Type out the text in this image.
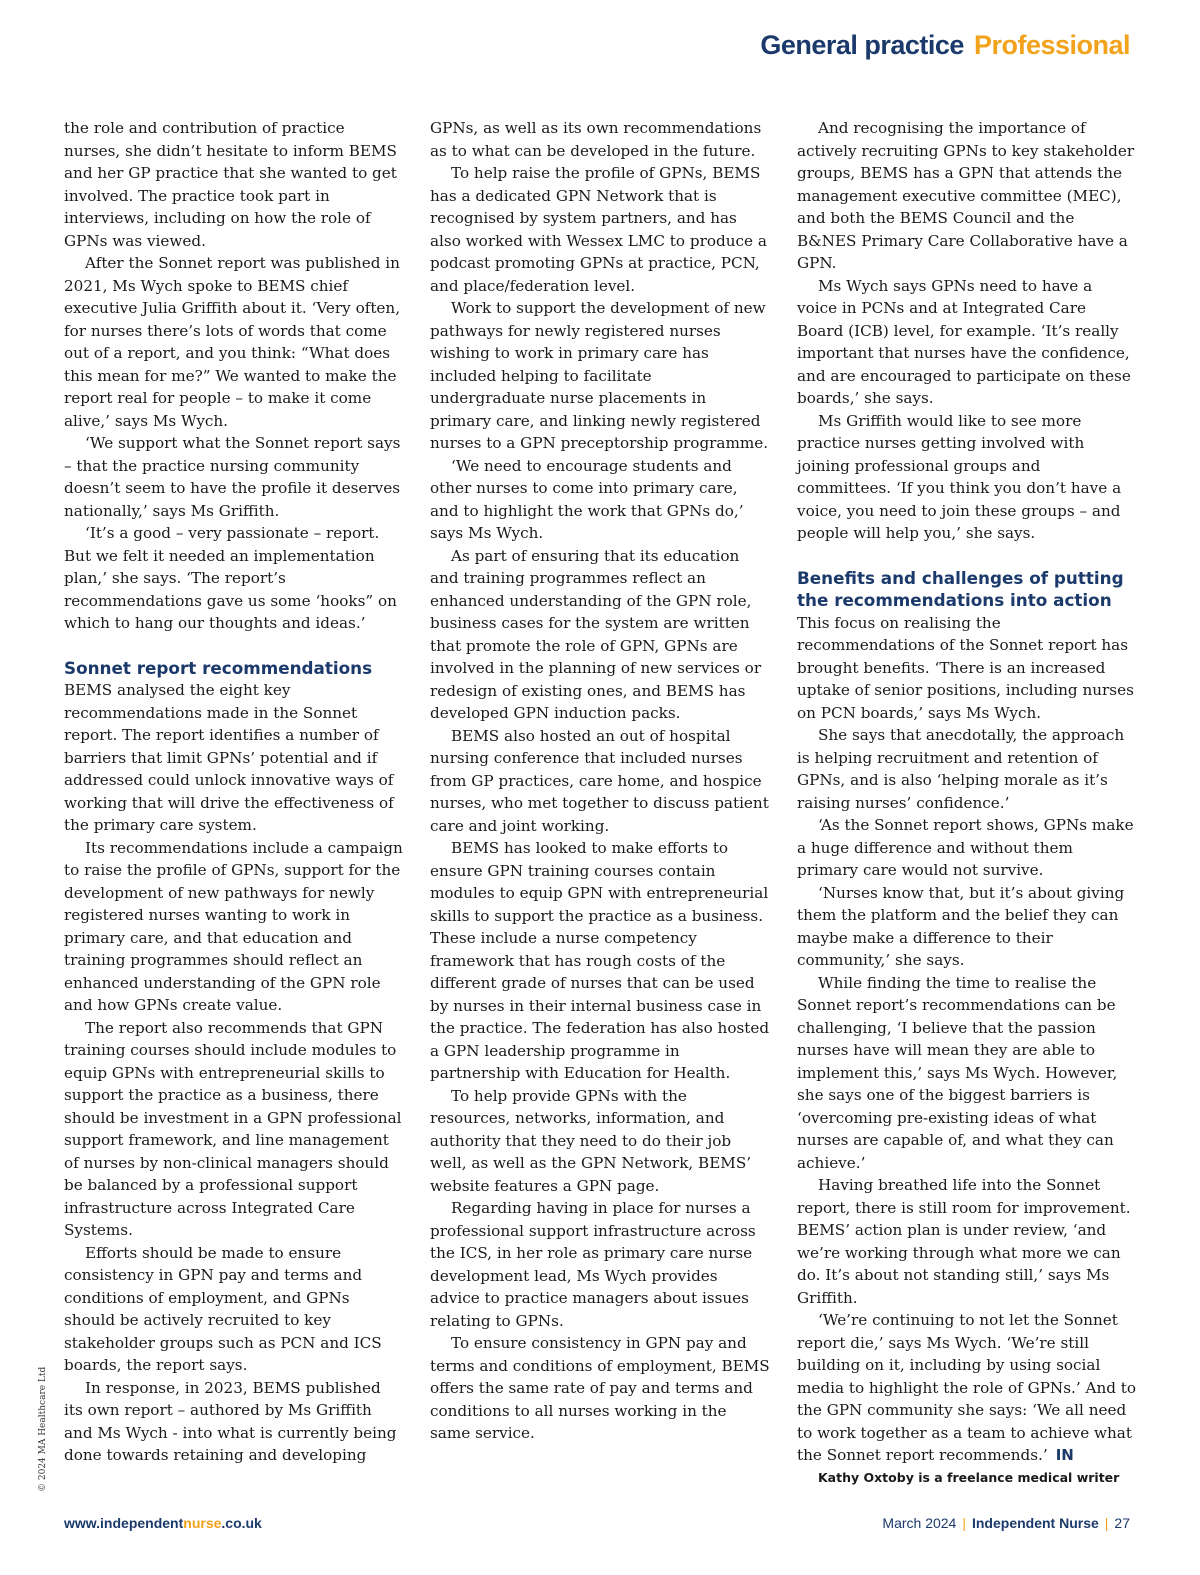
General practice Professional

the role and contribution of practice nurses, she didn’t hesitate to inform BEMS and her GP practice that she wanted to get involved. The practice took part in interviews, including on how the role of GPNs was viewed.

After the Sonnet report was published in 2021, Ms Wych spoke to BEMS chief executive Julia Griffith about it. ‘Very often, for nurses there’s lots of words that come out of a report, and you think: “What does this mean for me?” We wanted to make the report real for people – to make it come alive,’ says Ms Wych.

‘We support what the Sonnet report says – that the practice nursing community doesn’t seem to have the profile it deserves nationally,’ says Ms Griffith.

‘It’s a good – very passionate – report. But we felt it needed an implementation plan,’ she says. ‘The report’s recommendations gave us some ‘hooks” on which to hang our thoughts and ideas.’

Sonnet report recommendations

BEMS analysed the eight key recommendations made in the Sonnet report. The report identifies a number of barriers that limit GPNs’ potential and if addressed could unlock innovative ways of working that will drive the effectiveness of the primary care system.

Its recommendations include a campaign to raise the profile of GPNs, support for the development of new pathways for newly registered nurses wanting to work in primary care, and that education and training programmes should reflect an enhanced understanding of the GPN role and how GPNs create value.

The report also recommends that GPN training courses should include modules to equip GPNs with entrepreneurial skills to support the practice as a business, there should be investment in a GPN professional support framework, and line management of nurses by non-clinical managers should be balanced by a professional support infrastructure across Integrated Care Systems.

Efforts should be made to ensure consistency in GPN pay and terms and conditions of employment, and GPNs should be actively recruited to key stakeholder groups such as PCN and ICS boards, the report says.

In response, in 2023, BEMS published its own report – authored by Ms Griffith and Ms Wych - into what is currently being done towards retaining and developing

GPNs, as well as its own recommendations as to what can be developed in the future.

To help raise the profile of GPNs, BEMS has a dedicated GPN Network that is recognised by system partners, and has also worked with Wessex LMC to produce a podcast promoting GPNs at practice, PCN, and place/federation level.

Work to support the development of new pathways for newly registered nurses wishing to work in primary care has included helping to facilitate undergraduate nurse placements in primary care, and linking newly registered nurses to a GPN preceptorship programme.

‘We need to encourage students and other nurses to come into primary care, and to highlight the work that GPNs do,’ says Ms Wych.

As part of ensuring that its education and training programmes reflect an enhanced understanding of the GPN role, business cases for the system are written that promote the role of GPN, GPNs are involved in the planning of new services or redesign of existing ones, and BEMS has developed GPN induction packs.

BEMS also hosted an out of hospital nursing conference that included nurses from GP practices, care home, and hospice nurses, who met together to discuss patient care and joint working.

BEMS has looked to make efforts to ensure GPN training courses contain modules to equip GPN with entrepreneurial skills to support the practice as a business. These include a nurse competency framework that has rough costs of the different grade of nurses that can be used by nurses in their internal business case in the practice. The federation has also hosted a GPN leadership programme in partnership with Education for Health.

To help provide GPNs with the resources, networks, information, and authority that they need to do their job well, as well as the GPN Network, BEMS’ website features a GPN page.

Regarding having in place for nurses a professional support infrastructure across the ICS, in her role as primary care nurse development lead, Ms Wych provides advice to practice managers about issues relating to GPNs.

To ensure consistency in GPN pay and terms and conditions of employment, BEMS offers the same rate of pay and terms and conditions to all nurses working in the same service.

And recognising the importance of actively recruiting GPNs to key stakeholder groups, BEMS has a GPN that attends the management executive committee (MEC), and both the BEMS Council and the B&NES Primary Care Collaborative have a GPN.

Ms Wych says GPNs need to have a voice in PCNs and at Integrated Care Board (ICB) level, for example. ‘It’s really important that nurses have the confidence, and are encouraged to participate on these boards,’ she says.

Ms Griffith would like to see more practice nurses getting involved with joining professional groups and committees. ‘If you think you don’t have a voice, you need to join these groups – and people will help you,’ she says.

Benefits and challenges of putting the recommendations into action

This focus on realising the recommendations of the Sonnet report has brought benefits. ‘There is an increased uptake of senior positions, including nurses on PCN boards,’ says Ms Wych.

She says that anecdotally, the approach is helping recruitment and retention of GPNs, and is also ‘helping morale as it’s raising nurses’ confidence.’

‘As the Sonnet report shows, GPNs make a huge difference and without them primary care would not survive.

‘Nurses know that, but it’s about giving them the platform and the belief they can maybe make a difference to their community,’ she says.

While finding the time to realise the Sonnet report’s recommendations can be challenging, ‘I believe that the passion nurses have will mean they are able to implement this,’ says Ms Wych. However, she says one of the biggest barriers is ‘overcoming pre-existing ideas of what nurses are capable of, and what they can achieve.’

Having breathed life into the Sonnet report, there is still room for improvement. BEMS’ action plan is under review, ‘and we’re working through what more we can do. It’s about not standing still,’ says Ms Griffith.

‘We’re continuing to not let the Sonnet report die,’ says Ms Wych. ‘We’re still building on it, including by using social media to highlight the role of GPNs.’ And to the GPN community she says: ‘We all need to work together as a team to achieve what the Sonnet report recommends.’ IN

Kathy Oxtoby is a freelance medical writer

© 2024 MA Healthcare Ltd
www.independentnurse.co.uk	March 2024 | Independent Nurse | 27
